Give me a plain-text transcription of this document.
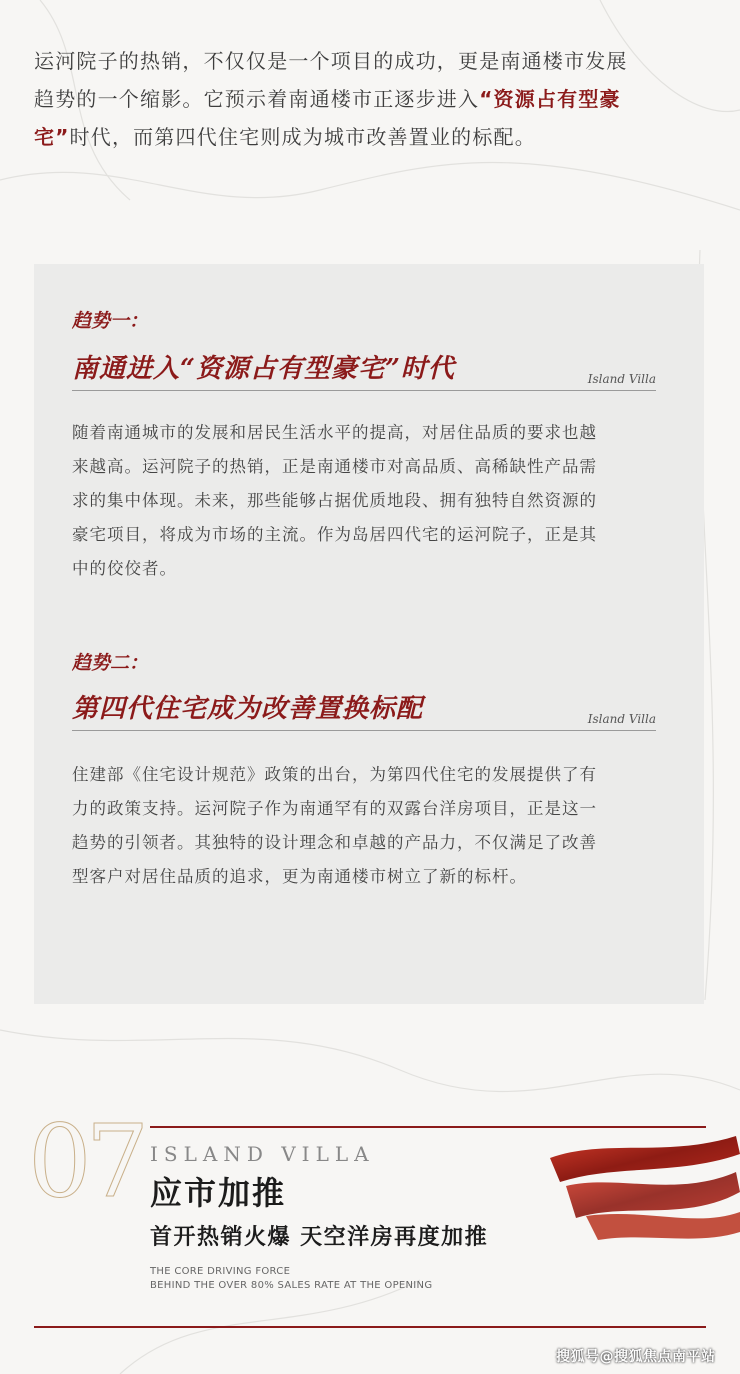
运河院子的热销，不仅仅是一个项目的成功，更是南通楼市发展
趋势的一个缩影。它预示着南通楼市正逐步进入“资源占有型豪
宅”时代，而第四代住宅则成为城市改善置业的标配。
趋势一：
南通进入“资源占有型豪宅”时代	Island Villa
随着南通城市的发展和居民生活水平的提高，对居住品质的要求也越
来越高。运河院子的热销，正是南通楼市对高品质、高稀缺性产品需
求的集中体现。未来，那些能够占据优质地段、拥有独特自然资源的
豪宅项目，将成为市场的主流。作为岛居四代宅的运河院子，正是其
中的佼佼者。
趋势二：
第四代住宅成为改善置换标配	Island Villa
住建部《住宅设计规范》政策的出台，为第四代住宅的发展提供了有
力的政策支持。运河院子作为南通罕有的双露台洋房项目，正是这一
趋势的引领者。其独特的设计理念和卓越的产品力，不仅满足了改善
型客户对居住品质的追求，更为南通楼市树立了新的标杆。
07 ISLAND VILLA
应市加推
首开热销火爆 天空洋房再度加推
THE CORE DRIVING FORCE
BEHIND THE OVER 80% SALES RATE AT THE OPENING
搜狐号@搜狐焦点南平站
